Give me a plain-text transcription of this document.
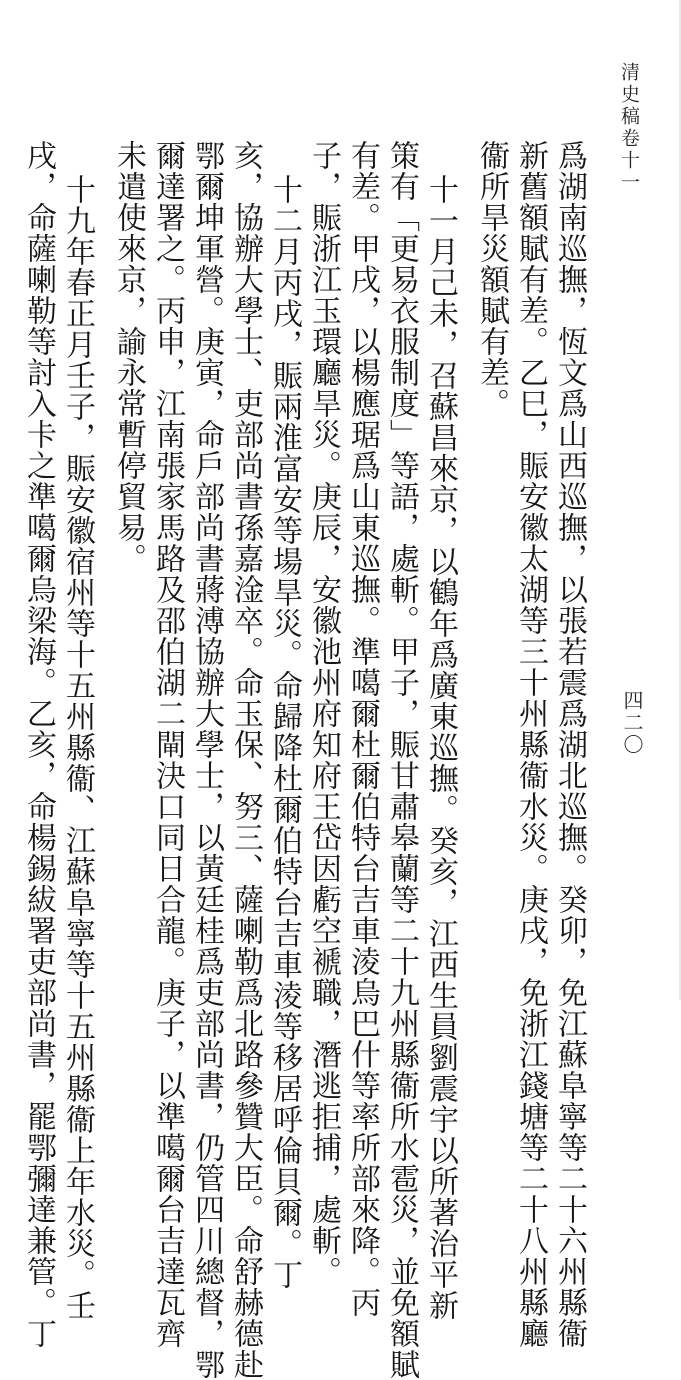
清史稿卷十一
四二〇
爲湖南巡撫，恆文爲山西巡撫，以張若震爲湖北巡撫。癸卯，免江蘇阜寧等二十六州縣衞
新舊額賦有差。乙巳，賑安徽太湖等三十州縣衞水災。庚戌，免浙江錢塘等二十八州縣廳
衞所旱災額賦有差。
十一月己未，召蘇昌來京，以鶴年爲廣東巡撫。癸亥，江西生員劉震宇以所著治平新
策有「更易衣服制度」等語，處斬。甲子，賑甘肅皋蘭等二十九州縣衞所水雹災，並免額賦
有差。甲戌，以楊應琚爲山東巡撫。準噶爾杜爾伯特台吉車淩烏巴什等率所部來降。丙
子，賑浙江玉環廳旱災。庚辰，安徽池州府知府王岱因虧空褫職，潛逃拒捕，處斬。
十二月丙戌，賑兩淮富安等場旱災。命歸降杜爾伯特台吉車淩等移居呼倫貝爾。丁
亥，協辦大學士、吏部尚書孫嘉淦卒。命玉保、努三、薩喇勒爲北路參贊大臣。命舒赫德赴
鄂爾坤軍營。庚寅，命戶部尚書蔣溥協辦大學士，以黃廷桂爲吏部尚書，仍管四川總督，鄂
爾達署之。丙申，江南張家馬路及邵伯湖二閘決口同日合龍。庚子，以準噶爾台吉達瓦齊
未遣使來京，諭永常暫停貿易。
十九年春正月壬子，賑安徽宿州等十五州縣衞、江蘇阜寧等十五州縣衞上年水災。壬
戌，命薩喇勒等討入卡之準噶爾烏梁海。乙亥，命楊錫紱署吏部尚書，罷鄂彌達兼管。丁
